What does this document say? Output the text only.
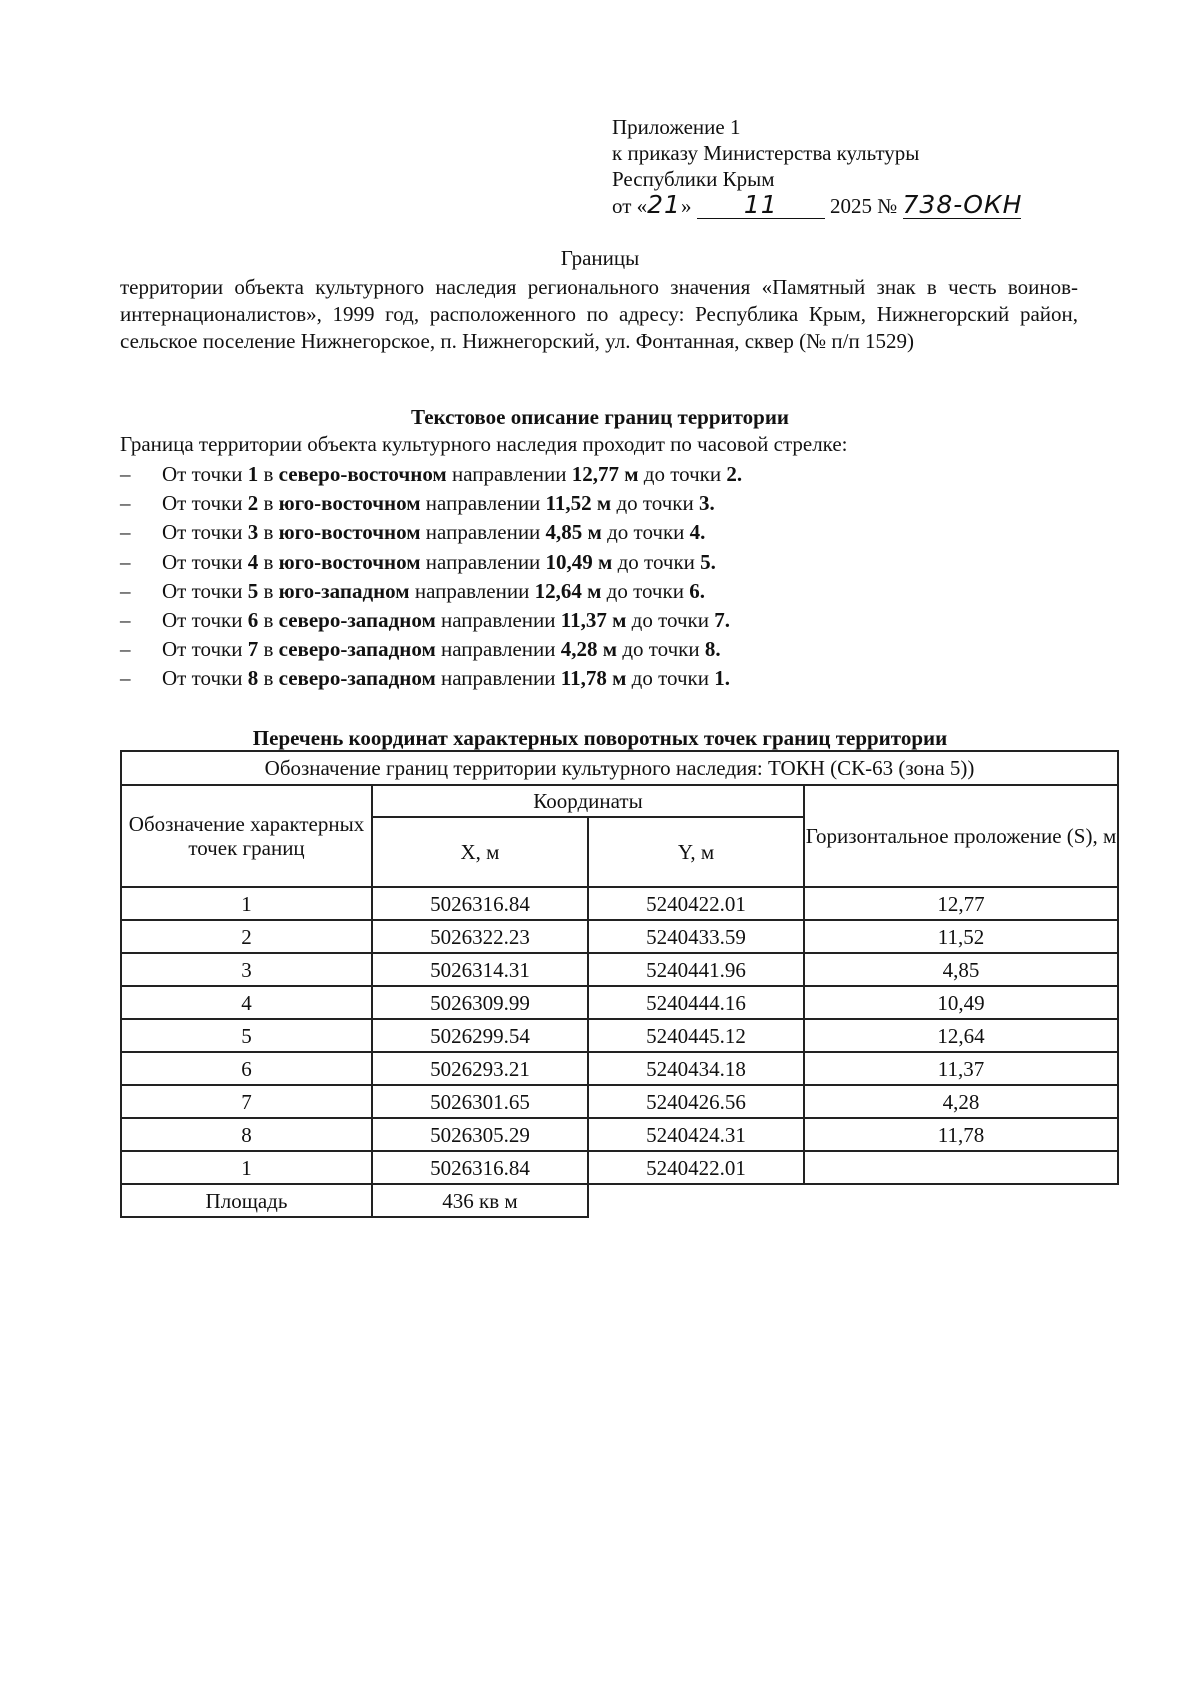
Приложение 1
к приказу Министерства культуры
Республики Крым
от «21» 11 2025 № 738-ОКН
Границы
территории объекта культурного наследия регионального значения «Памятный знак в честь воинов-интернационалистов», 1999 год, расположенного по адресу: Республика Крым, Нижнегорский район, сельское поселение Нижнегорское, п. Нижнегорский, ул. Фонтанная, сквер (№ п/п 1529)
Текстовое описание границ территории
Граница территории объекта культурного наследия проходит по часовой стрелке:
– От точки 1 в северо-восточном направлении 12,77 м до точки 2.
– От точки 2 в юго-восточном направлении 11,52 м до точки 3.
– От точки 3 в юго-восточном направлении 4,85 м до точки 4.
– От точки 4 в юго-восточном направлении 10,49 м до точки 5.
– От точки 5 в юго-западном направлении 12,64 м до точки 6.
– От точки 6 в северо-западном направлении 11,37 м до точки 7.
– От точки 7 в северо-западном направлении 4,28 м до точки 8.
– От точки 8 в северо-западном направлении 11,78 м до точки 1.
Перечень координат характерных поворотных точек границ территории
Обозначение границ территории культурного наследия: ТОКН (СК-63 (зона 5))			
Обозначение характерных точек границ	Координаты		Горизонтальное проложение (S), м
	X, м	Y, м	
1	5026316.84	5240422.01	12,77
2	5026322.23	5240433.59	11,52
3	5026314.31	5240441.96	4,85
4	5026309.99	5240444.16	10,49
5	5026299.54	5240445.12	12,64
6	5026293.21	5240434.18	11,37
7	5026301.65	5240426.56	4,28
8	5026305.29	5240424.31	11,78
1	5026316.84	5240422.01	
Площадь	436 кв м		
